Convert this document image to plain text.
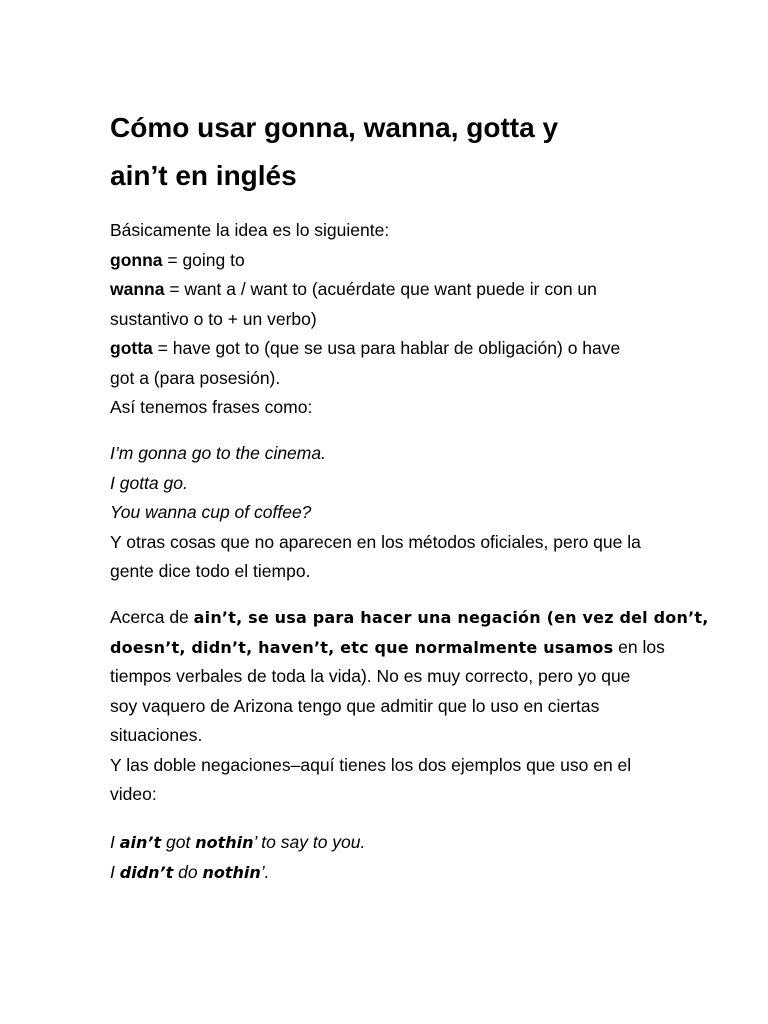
Cómo usar gonna, wanna, gotta y
ain’t en inglés
Básicamente la idea es lo siguiente:
gonna = going to
wanna = want a / want to (acuérdate que want puede ir con un
sustantivo o to + un verbo)
gotta = have got to (que se usa para hablar de obligación) o have
got a (para posesión).
Así tenemos frases como:
I’m gonna go to the cinema.
I gotta go.
You wanna cup of coffee?
Y otras cosas que no aparecen en los métodos oficiales, pero que la
gente dice todo el tiempo.
Acerca de ain’t, se usa para hacer una negación (en vez del don’t,
doesn’t, didn’t, haven’t, etc que normalmente usamos en los
tiempos verbales de toda la vida). No es muy correcto, pero yo que
soy vaquero de Arizona tengo que admitir que lo uso en ciertas
situaciones.
Y las doble negaciones–aquí tienes los dos ejemplos que uso en el
video:
I ain’t got nothin’ to say to you.
I didn’t do nothin’.
